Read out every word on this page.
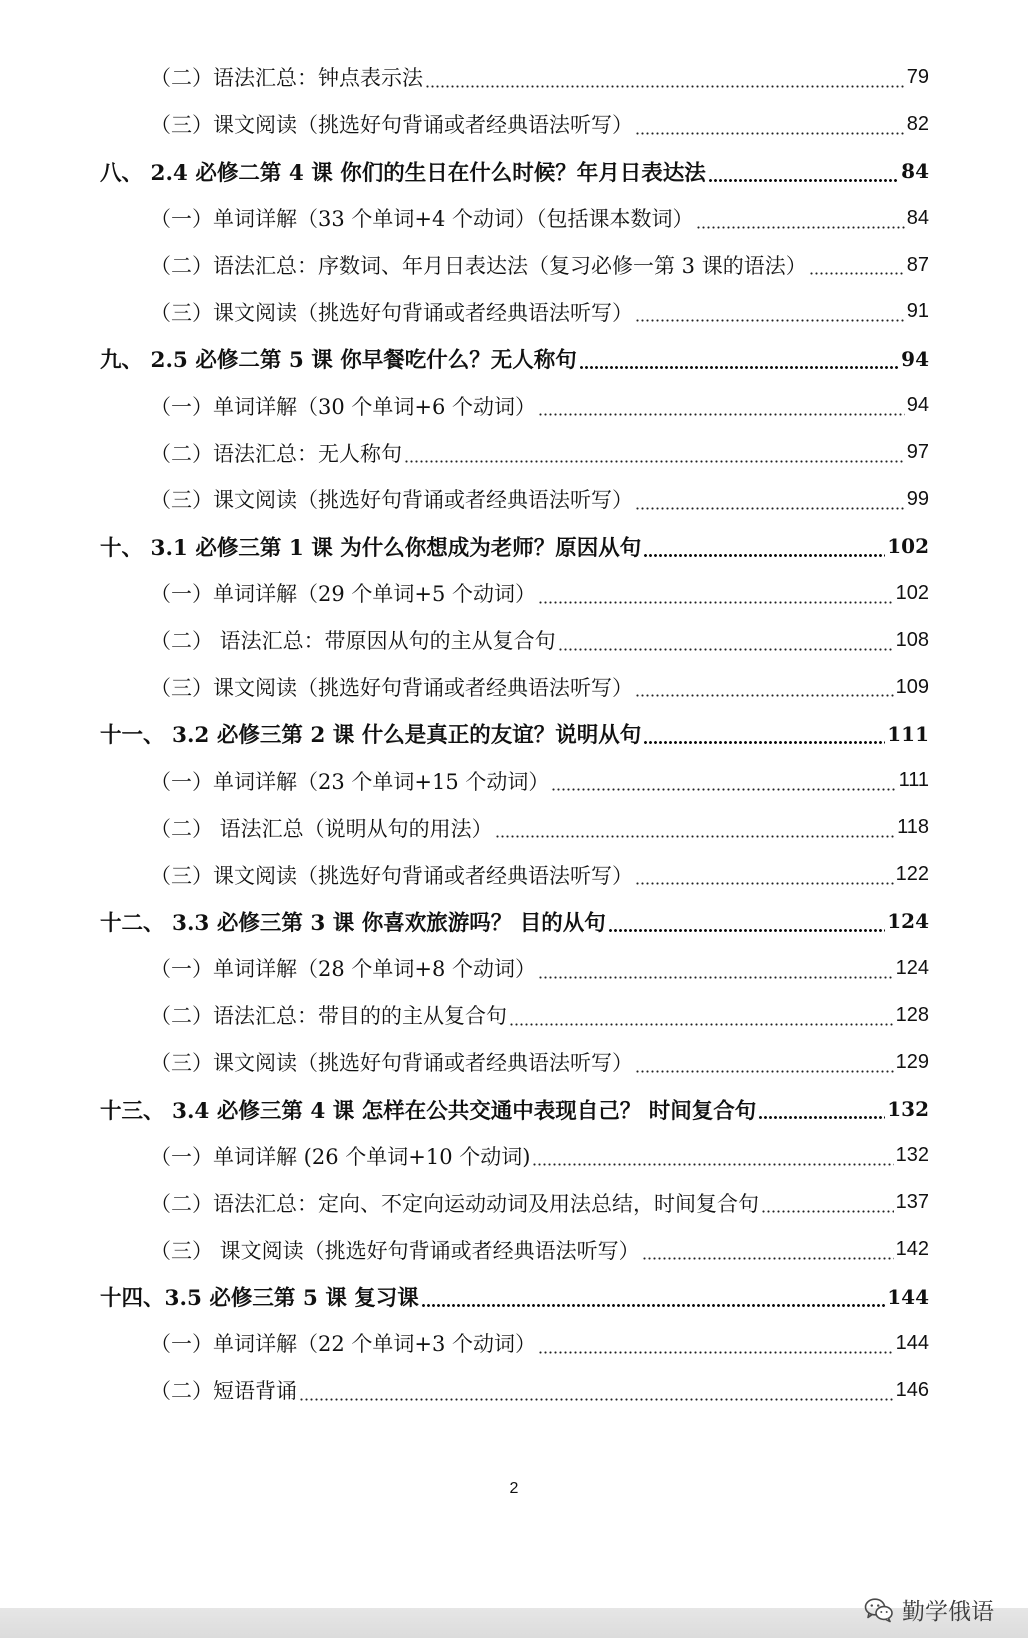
（二）语法汇总：钟点表示法	79
（三）课文阅读（挑选好句背诵或者经典语法听写）	82
八、 2.4 必修二第 4 课 你们的生日在什么时候？年月日表达法	84
（一）单词详解（33 个单词+4 个动词）（包括课本数词）	84
（二）语法汇总：序数词、年月日表达法（复习必修一第 3 课的语法）	87
（三）课文阅读（挑选好句背诵或者经典语法听写）	91
九、 2.5 必修二第 5 课 你早餐吃什么？无人称句	94
（一）单词详解（30 个单词+6 个动词）	94
（二）语法汇总：无人称句	97
（三）课文阅读（挑选好句背诵或者经典语法听写）	99
十、 3.1 必修三第 1 课 为什么你想成为老师？原因从句	102
（一）单词详解（29 个单词+5 个动词）	102
（二） 语法汇总：带原因从句的主从复合句	108
（三）课文阅读（挑选好句背诵或者经典语法听写）	109
十一、 3.2 必修三第 2 课 什么是真正的友谊？说明从句	111
（一）单词详解（23 个单词+15 个动词）	111
（二） 语法汇总（说明从句的用法）	118
（三）课文阅读（挑选好句背诵或者经典语法听写）	122
十二、 3.3 必修三第 3 课 你喜欢旅游吗？ 目的从句	124
（一）单词详解（28 个单词+8 个动词）	124
（二）语法汇总：带目的的主从复合句	128
（三）课文阅读（挑选好句背诵或者经典语法听写）	129
十三、 3.4 必修三第 4 课 怎样在公共交通中表现自己？ 时间复合句	132
（一）单词详解 (26 个单词+10 个动词)	132
（二）语法汇总：定向、不定向运动动词及用法总结，时间复合句	137
（三） 课文阅读（挑选好句背诵或者经典语法听写）	142
十四、3.5 必修三第 5 课 复习课	144
（一）单词详解（22 个单词+3 个动词）	144
（二）短语背诵	146
2
勤学俄语
